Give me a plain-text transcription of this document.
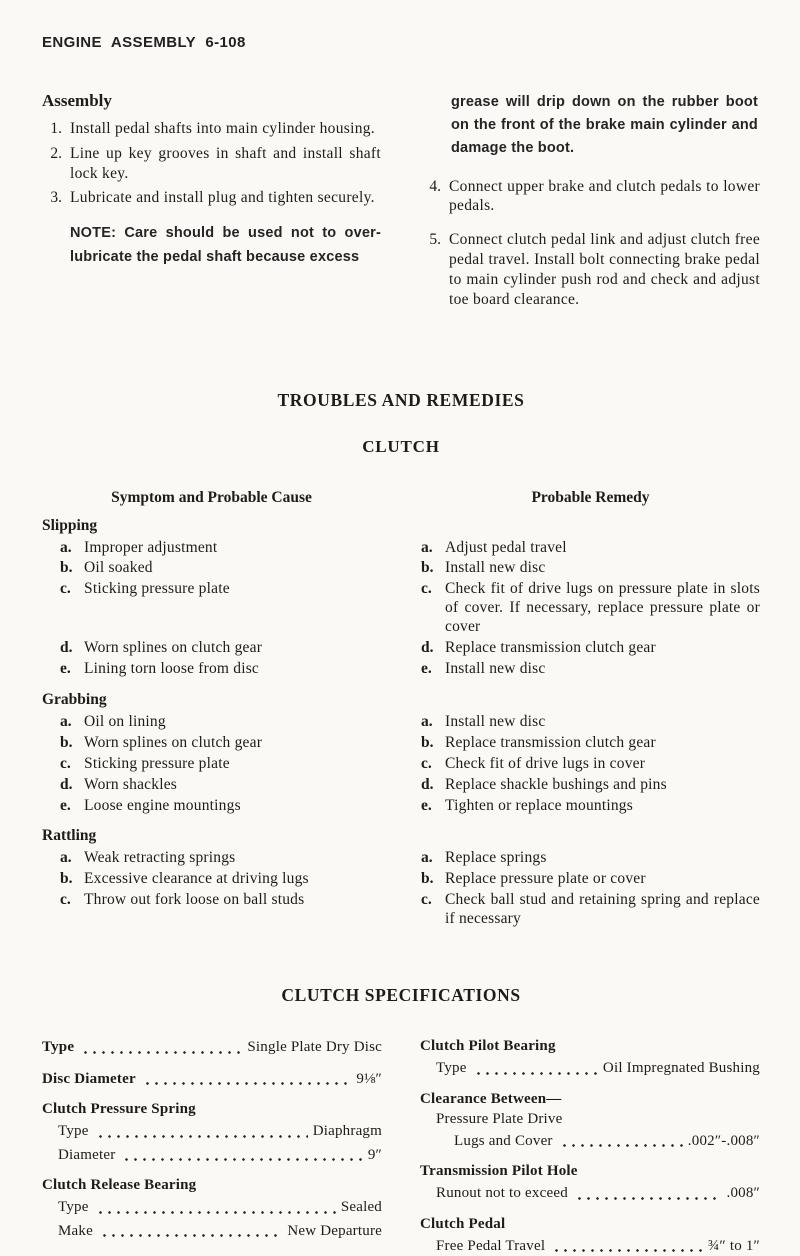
ENGINE ASSEMBLY 6-108
Assembly
1. Install pedal shafts into main cylinder housing.
2. Line up key grooves in shaft and install shaft lock key.
3. Lubricate and install plug and tighten securely.
NOTE: Care should be used not to over-lubricate the pedal shaft because excess
grease will drip down on the rubber boot on the front of the brake main cylinder and damage the boot.
4. Connect upper brake and clutch pedals to lower pedals.
5. Connect clutch pedal link and adjust clutch free pedal travel. Install bolt connecting brake pedal to main cylinder push rod and check and adjust toe board clearance.
TROUBLES AND REMEDIES
CLUTCH
Symptom and Probable Cause	Probable Remedy
Slipping
a. Improper adjustment	a. Adjust pedal travel
b. Oil soaked	b. Install new disc
c. Sticking pressure plate	c. Check fit of drive lugs on pressure plate in slots of cover. If necessary, replace pressure plate or cover
d. Worn splines on clutch gear	d. Replace transmission clutch gear
e. Lining torn loose from disc	e. Install new disc
Grabbing
a. Oil on lining	a. Install new disc
b. Worn splines on clutch gear	b. Replace transmission clutch gear
c. Sticking pressure plate	c. Check fit of drive lugs in cover
d. Worn shackles	d. Replace shackle bushings and pins
e. Loose engine mountings	e. Tighten or replace mountings
Rattling
a. Weak retracting springs	a. Replace springs
b. Excessive clearance at driving lugs	b. Replace pressure plate or cover
c. Throw out fork loose on ball studs	c. Check ball stud and retaining spring and replace if necessary
CLUTCH SPECIFICATIONS
Type	Single Plate Dry Disc
Disc Diameter	9⅛″
Clutch Pressure Spring
Type	Diaphragm
Diameter	9″
Clutch Release Bearing
Type	Sealed
Make	New Departure
Clutch Pilot Bearing
Type	Oil Impregnated Bushing
Clearance Between—
Pressure Plate Drive
Lugs and Cover	.002″-.008″
Transmission Pilot Hole
Runout not to exceed	.008″
Clutch Pedal
Free Pedal Travel	¾″ to 1″
